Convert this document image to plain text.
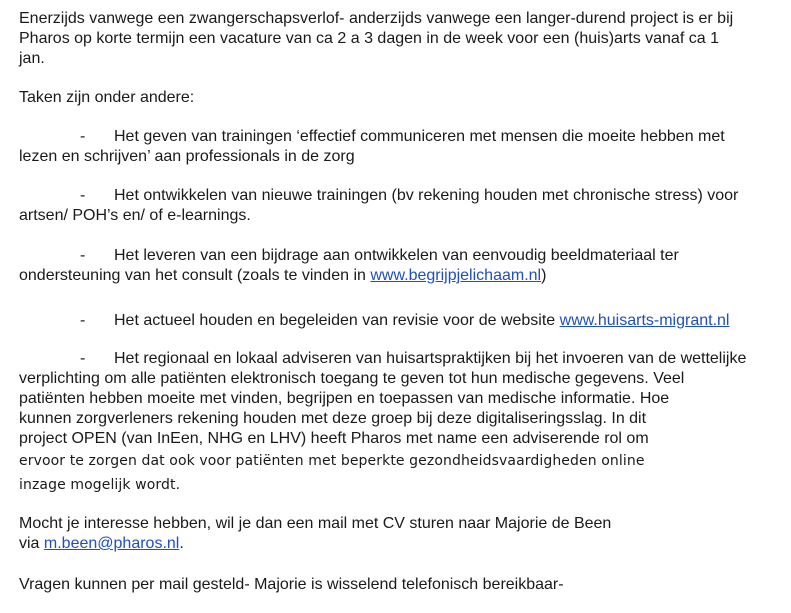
Enerzijds vanwege een zwangerschapsverlof- anderzijds vanwege een langer-durend project is er bij
Pharos op korte termijn een vacature van ca 2 a 3 dagen in de week voor een (huis)arts vanaf ca 1
jan.

Taken zijn onder andere:

- Het geven van trainingen ‘effectief communiceren met mensen die moeite hebben met
lezen en schrijven’ aan professionals in de zorg
- Het ontwikkelen van nieuwe trainingen (bv rekening houden met chronische stress) voor
artsen/ POH’s en/ of e-learnings.
- Het leveren van een bijdrage aan ontwikkelen van eenvoudig beeldmateriaal ter
ondersteuning van het consult (zoals te vinden in www.begrijpjelichaam.nl)
- Het actueel houden en begeleiden van revisie voor de website www.huisarts-migrant.nl
- Het regionaal en lokaal adviseren van huisartspraktijken bij het invoeren van de wettelijke
verplichting om alle patiënten elektronisch toegang te geven tot hun medische gegevens. Veel
patiënten hebben moeite met vinden, begrijpen en toepassen van medische informatie. Hoe
kunnen zorgverleners rekening houden met deze groep bij deze digitaliseringsslag. In dit
project OPEN (van InEen, NHG en LHV) heeft Pharos met name een adviserende rol om
ervoor te zorgen dat ook voor patiënten met beperkte gezondheidsvaardigheden online
inzage mogelijk wordt.

Mocht je interesse hebben, wil je dan een mail met CV sturen naar Majorie de Been
via m.been@pharos.nl.

Vragen kunnen per mail gesteld- Majorie is wisselend telefonisch bereikbaar-
